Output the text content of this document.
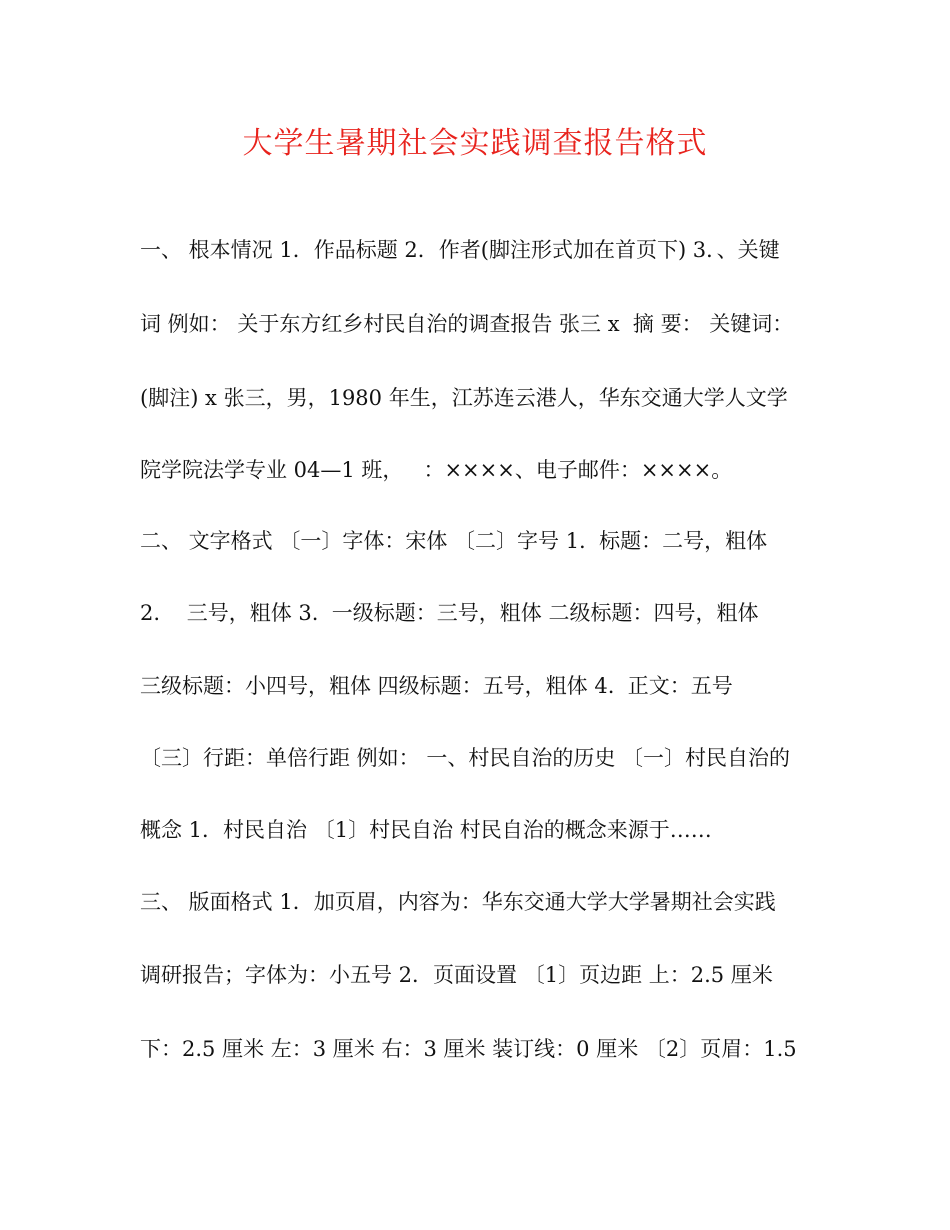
大学生暑期社会实践调查报告格式
一、 根本情况 1．作品标题 2．作者(脚注形式加在首页下) 3．、关键
词 例如： 关于东方红乡村民自治的调查报告 张三 x  摘 要： 关键词：
(脚注) x 张三，男，1980 年生，江苏连云港人，华东交通大学人文学
院学院法学专业 04—1 班，   ：××××、电子邮件：××××。
二、 文字格式 〔一〕字体：宋体 〔二〕字号 1.  标题：二号，粗体
2.    三号，粗体 3.  一级标题：三号，粗体 二级标题：四号，粗体
三级标题：小四号，粗体 四级标题：五号，粗体 4.  正文：五号
〔三〕行距：单倍行距 例如： 一、村民自治的历史 〔一〕村民自治的
概念 1．村民自治 〔1〕村民自治 村民自治的概念来源于……
三、 版面格式 1．加页眉，内容为：华东交通大学大学暑期社会实践
调研报告；字体为：小五号 2．页面设置 〔1〕页边距 上：2.5 厘米
下：2.5 厘米 左：3 厘米 右：3 厘米 装订线：0 厘米 〔2〕页眉：1.5
